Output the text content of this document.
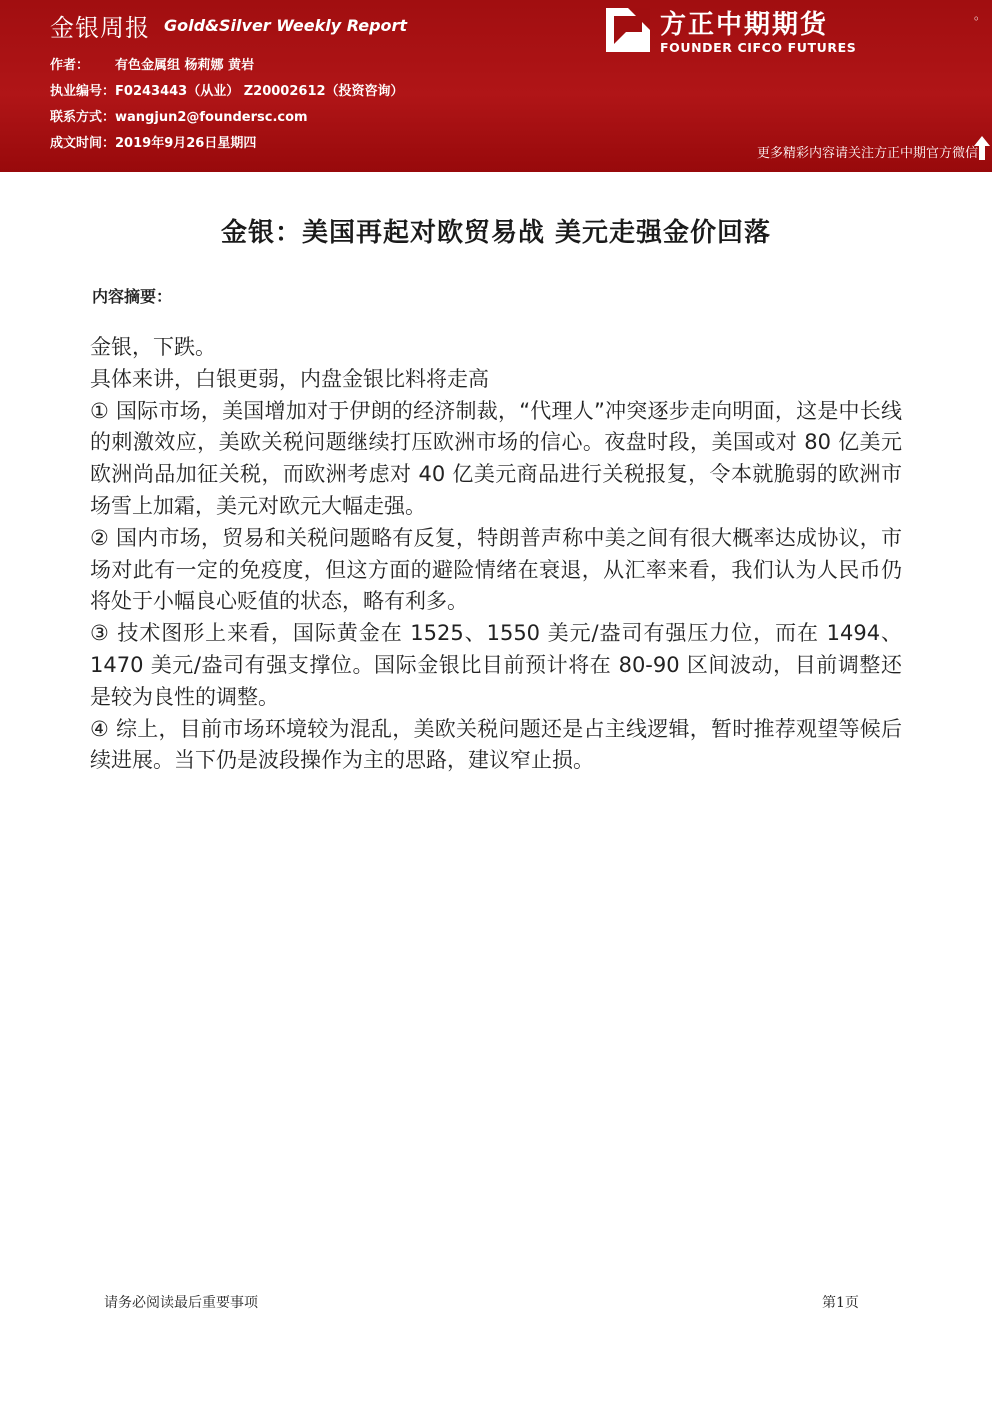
金银周报 Gold&Silver Weekly Report
作者： 有色金属组 杨莉娜 黄岩
执业编号：F0243443（从业） Z20002612（投资咨询）
联系方式：wangjun2@foundersc.com
成文时间：2019年9月26日星期四
方正中期期货
FOUNDER CIFCO FUTURES
。
更多精彩内容请关注方正中期官方微信
金银：美国再起对欧贸易战 美元走强金价回落
内容摘要：

金银，下跌。

具体来讲，白银更弱，内盘金银比料将走高

① 国际市场，美国增加对于伊朗的经济制裁，“代理人”冲突逐步走向明面，这是中长线的刺激效应，美欧关税问题继续打压欧洲市场的信心。夜盘时段，美国或对 80 亿美元欧洲尚品加征关税，而欧洲考虑对 40 亿美元商品进行关税报复，令本就脆弱的欧洲市场雪上加霜，美元对欧元大幅走强。

② 国内市场，贸易和关税问题略有反复，特朗普声称中美之间有很大概率达成协议，市场对此有一定的免疫度，但这方面的避险情绪在衰退，从汇率来看，我们认为人民币仍将处于小幅良心贬值的状态，略有利多。

③ 技术图形上来看，国际黄金在 1525、1550 美元/盎司有强压力位，而在 1494、1470 美元/盎司有强支撑位。国际金银比目前预计将在 80-90 区间波动，目前调整还是较为良性的调整。

④ 综上，目前市场环境较为混乱，美欧关税问题还是占主线逻辑，暂时推荐观望等候后续进展。当下仍是波段操作为主的思路，建议窄止损。

请务必阅读最后重要事项	第1页
